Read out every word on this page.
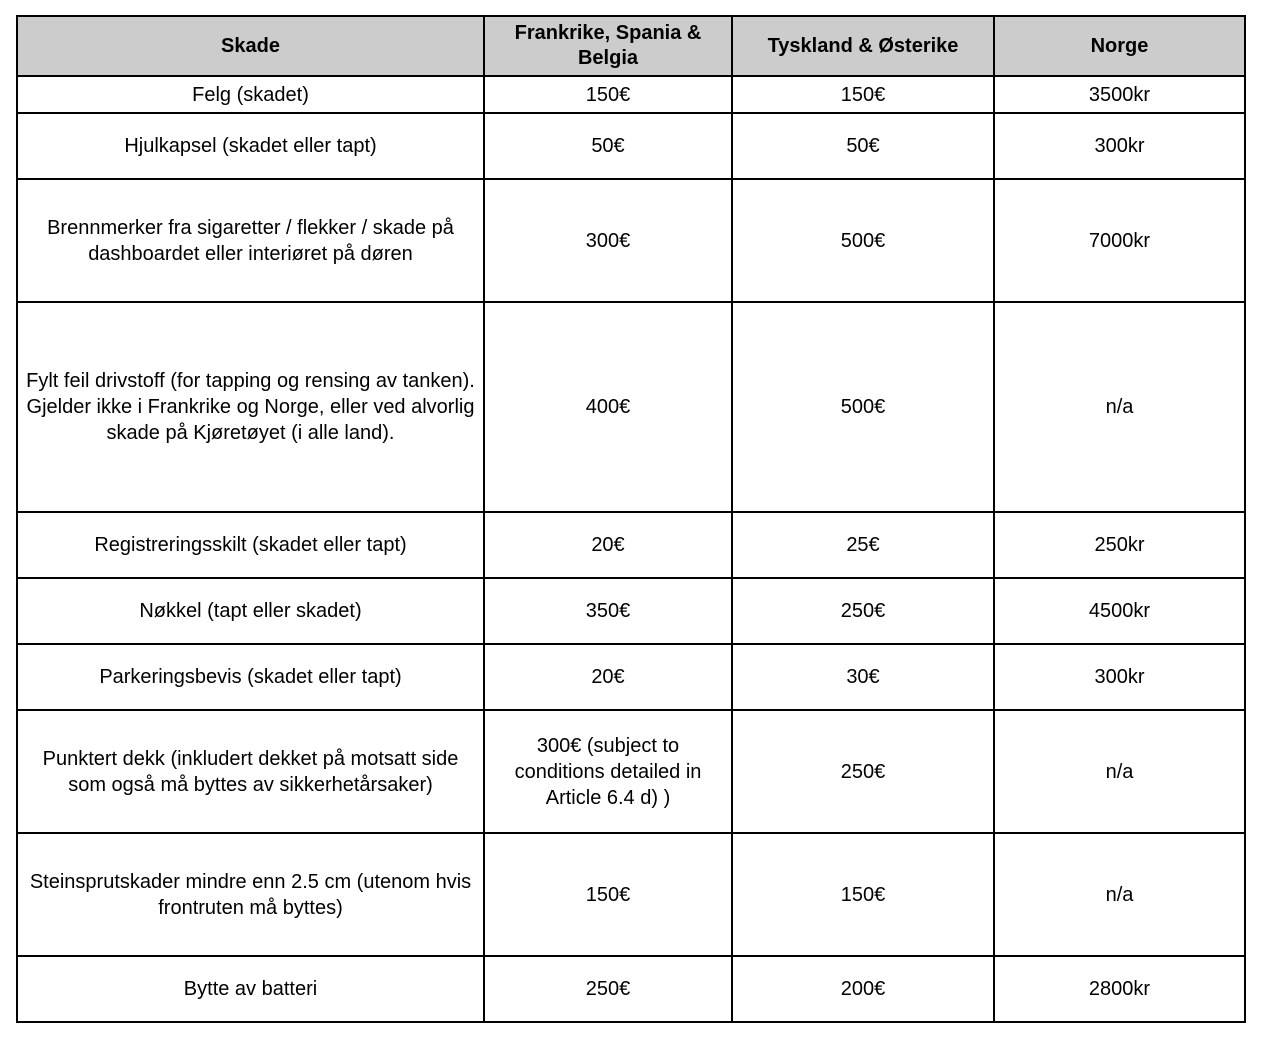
Skade	Frankrike, Spania & Belgia	Tyskland & Østerike	Norge
Felg (skadet)	150€	150€	3500kr
Hjulkapsel (skadet eller tapt)	50€	50€	300kr
Brennmerker fra sigaretter / flekker / skade på dashboardet eller interiøret på døren	300€	500€	7000kr
Fylt feil drivstoff (for tapping og rensing av tanken). Gjelder ikke i Frankrike og Norge, eller ved alvorlig skade på Kjøretøyet (i alle land).	400€	500€	n/a
Registreringsskilt (skadet eller tapt)	20€	25€	250kr
Nøkkel (tapt eller skadet)	350€	250€	4500kr
Parkeringsbevis (skadet eller tapt)	20€	30€	300kr
Punktert dekk (inkludert dekket på motsatt side som også må byttes av sikkerhetårsaker)	300€ (subject to conditions detailed in Article 6.4 d) )	250€	n/a
Steinsprutskader mindre enn 2.5 cm (utenom hvis frontruten må byttes)	150€	150€	n/a
Bytte av batteri	250€	200€	2800kr
